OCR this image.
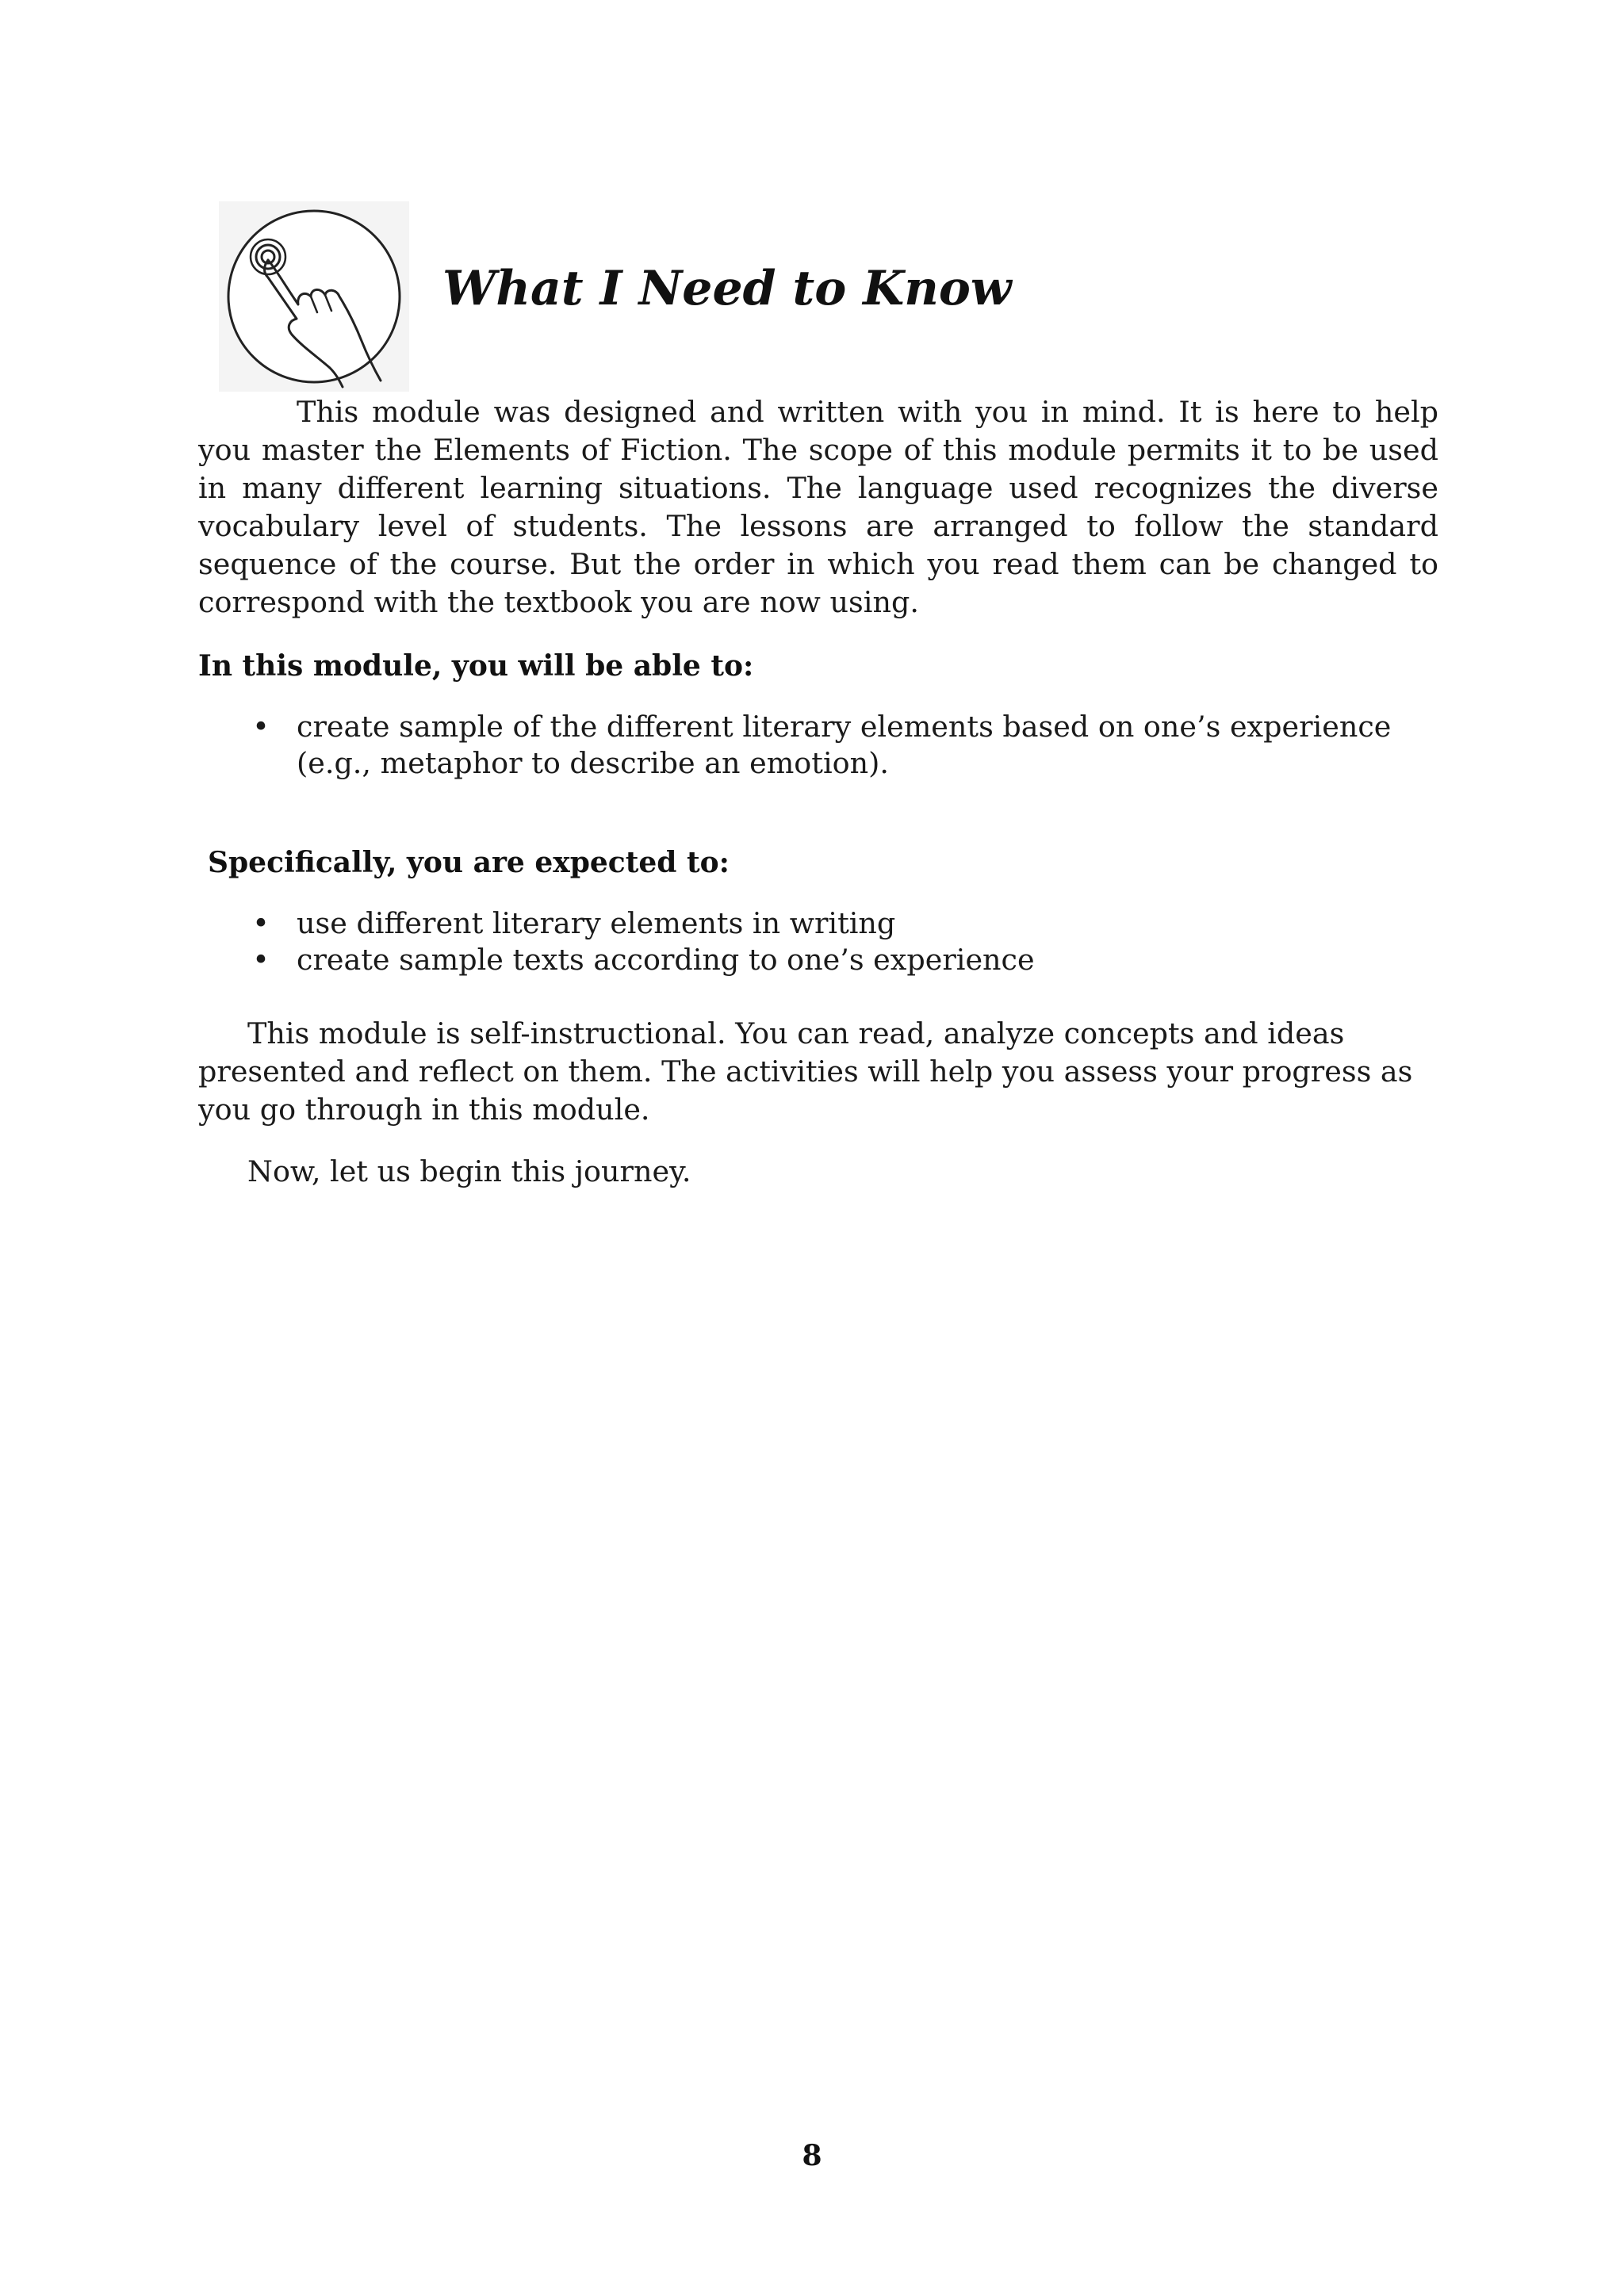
What I Need to Know

This module was designed and written with you in mind. It is here to help you master the Elements of Fiction. The scope of this module permits it to be used in many different learning situations. The language used recognizes the diverse vocabulary level of students. The lessons are arranged to follow the standard sequence of the course. But the order in which you read them can be changed to correspond with the textbook you are now using.

In this module, you will be able to:

• create sample of the different literary elements based on one’s experience (e.g., metaphor to describe an emotion).

Specifically, you are expected to:

• use different literary elements in writing
• create sample texts according to one’s experience

This module is self-instructional. You can read, analyze concepts and ideas presented and reflect on them. The activities will help you assess your progress as you go through in this module.

Now, let us begin this journey.

8
